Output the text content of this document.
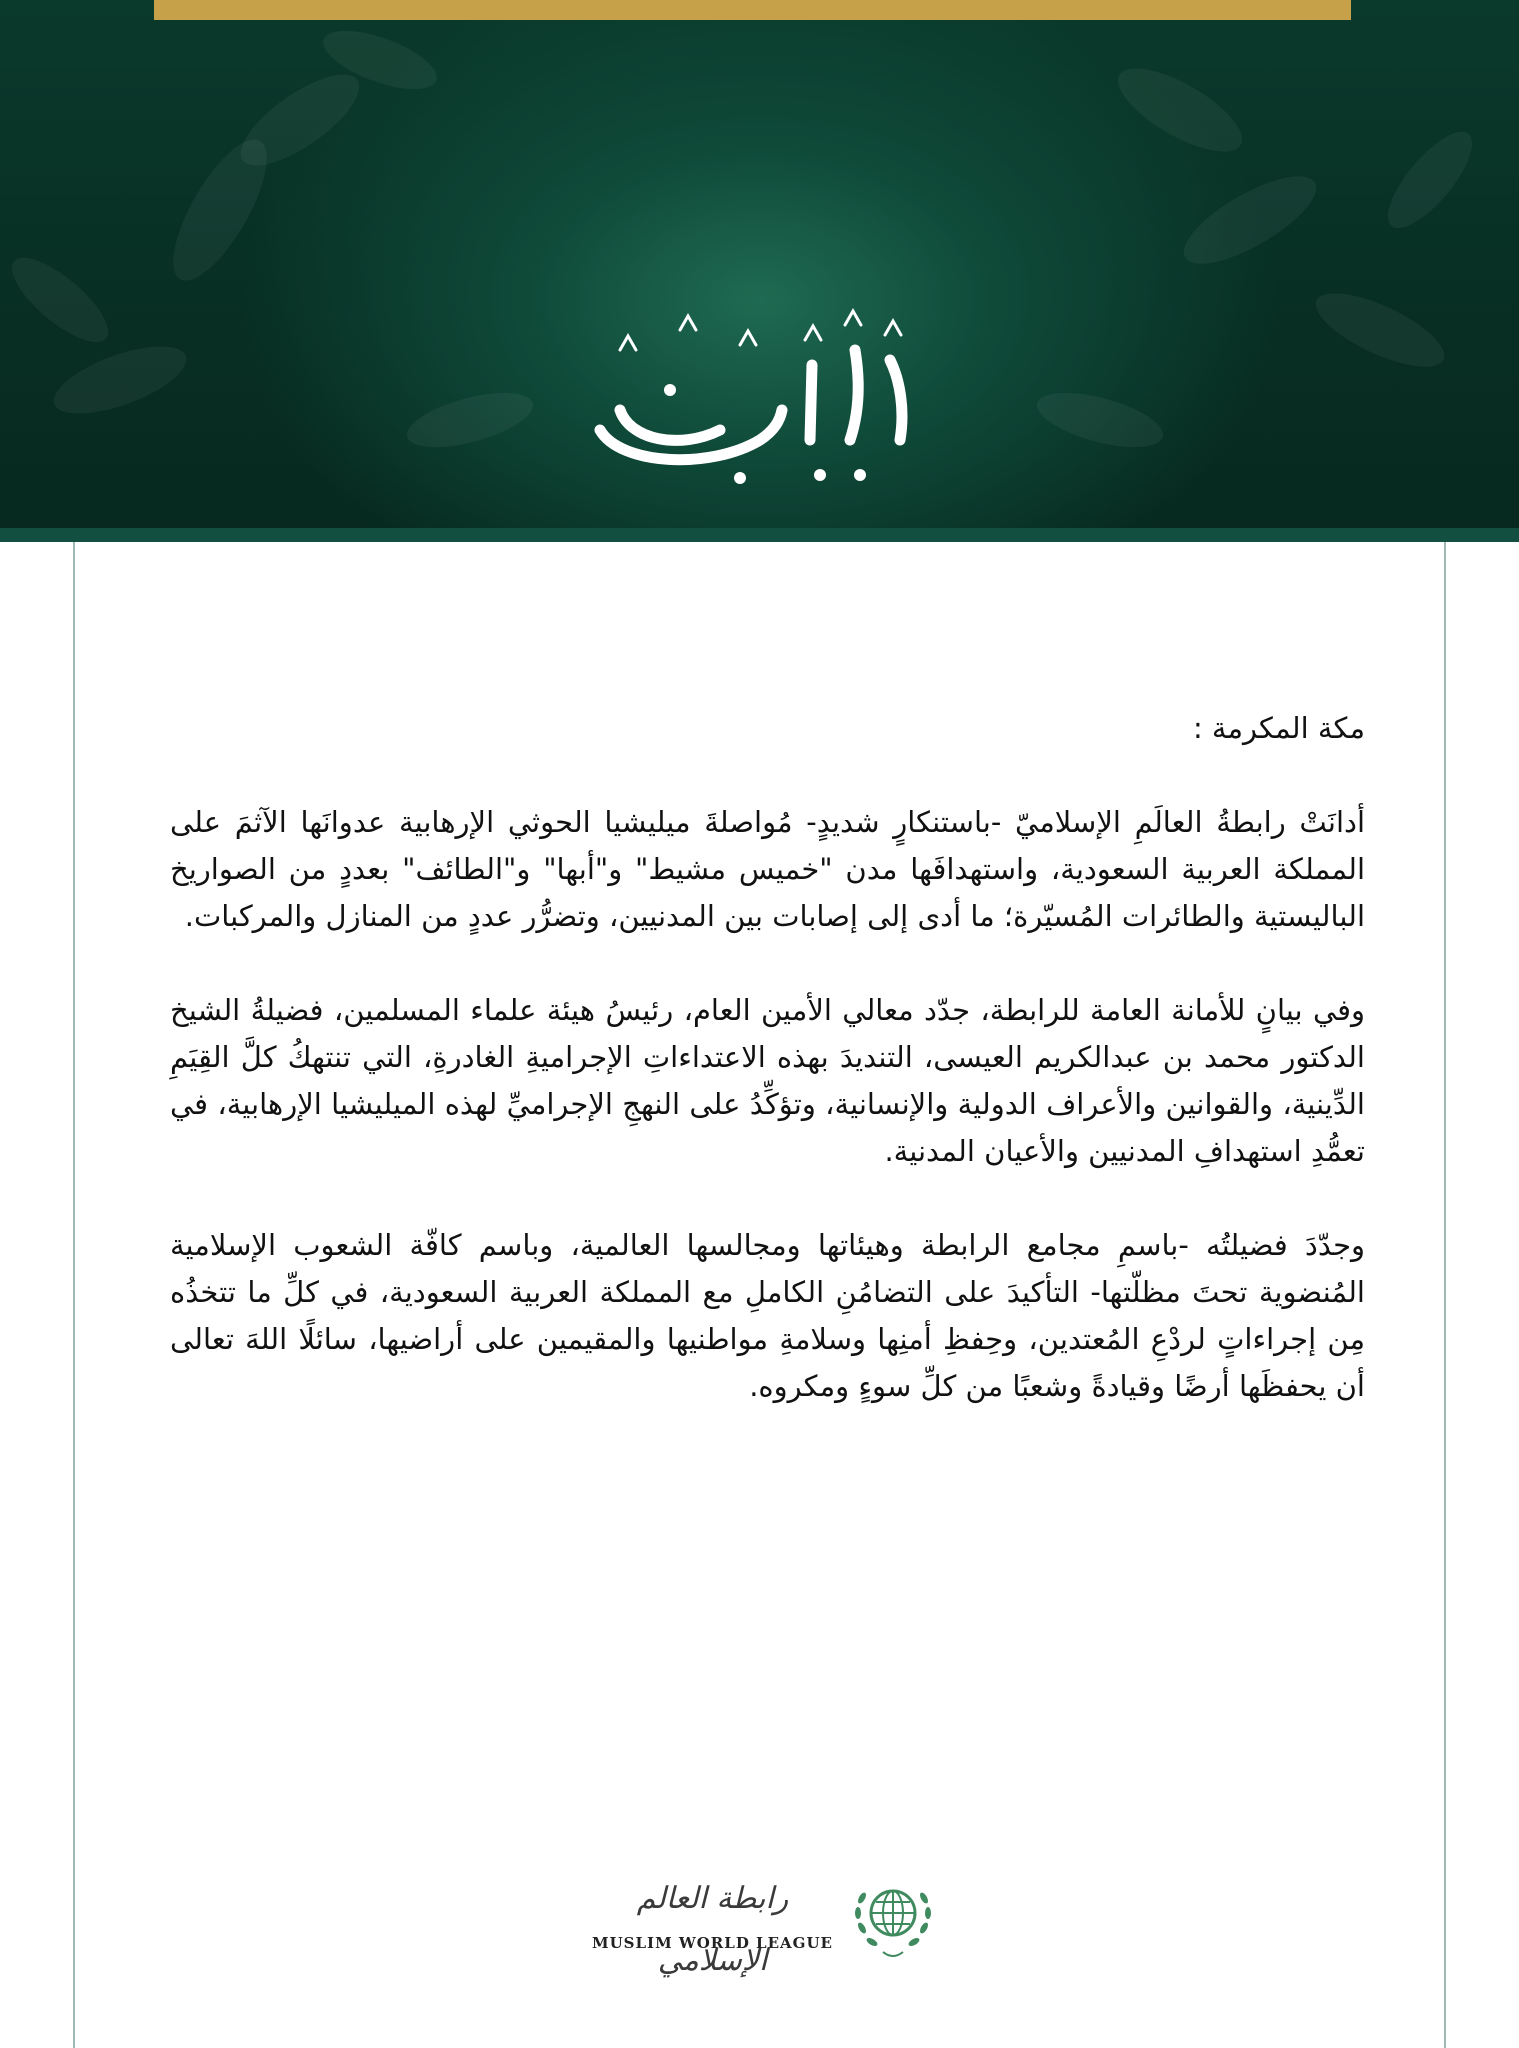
بيان

مكة المكرمة :

أدانَتْ رابطةُ العالَمِ الإسلاميّ -باستنكارٍ شديدٍ- مُواصلةَ ميليشيا الحوثي الإرهابية عدوانَها الآثمَ على المملكة العربية السعودية، واستهدافَها مدن "خميس مشيط" و"أبها" و"الطائف" بعددٍ من الصواريخ الباليستية والطائرات المُسيّرة؛ ما أدى إلى إصابات بين المدنيين، وتضرُّر عددٍ من المنازل والمركبات.

وفي بيانٍ للأمانة العامة للرابطة، جدّد معالي الأمين العام، رئيسُ هيئة علماء المسلمين، فضيلةُ الشيخ الدكتور محمد بن عبدالكريم العيسى، التنديدَ بهذه الاعتداءاتِ الإجراميةِ الغادرةِ، التي تنتهكُ كلَّ القِيَمِ الدِّينية، والقوانين والأعراف الدولية والإنسانية، وتؤكِّدُ على النهجِ الإجراميِّ لهذه الميليشيا الإرهابية، في تعمُّدِ استهدافِ المدنيين والأعيان المدنية.

وجدّدَ فضيلتُه -باسمِ مجامع الرابطة وهيئاتها ومجالسها العالمية، وباسم كافّة الشعوب الإسلامية المُنضوية تحتَ مظلّتها- التأكيدَ على التضامُنِ الكاملِ مع المملكة العربية السعودية، في كلِّ ما تتخذُه مِن إجراءاتٍ لردْعِ المُعتدين، وحِفظِ أمنِها وسلامةِ مواطنيها والمقيمين على أراضيها، سائلًا اللهَ تعالى أن يحفظَها أرضًا وقيادةً وشعبًا من كلِّ سوءٍ ومكروه.

رابطة العالم الإسلامي
MUSLIM WORLD LEAGUE
